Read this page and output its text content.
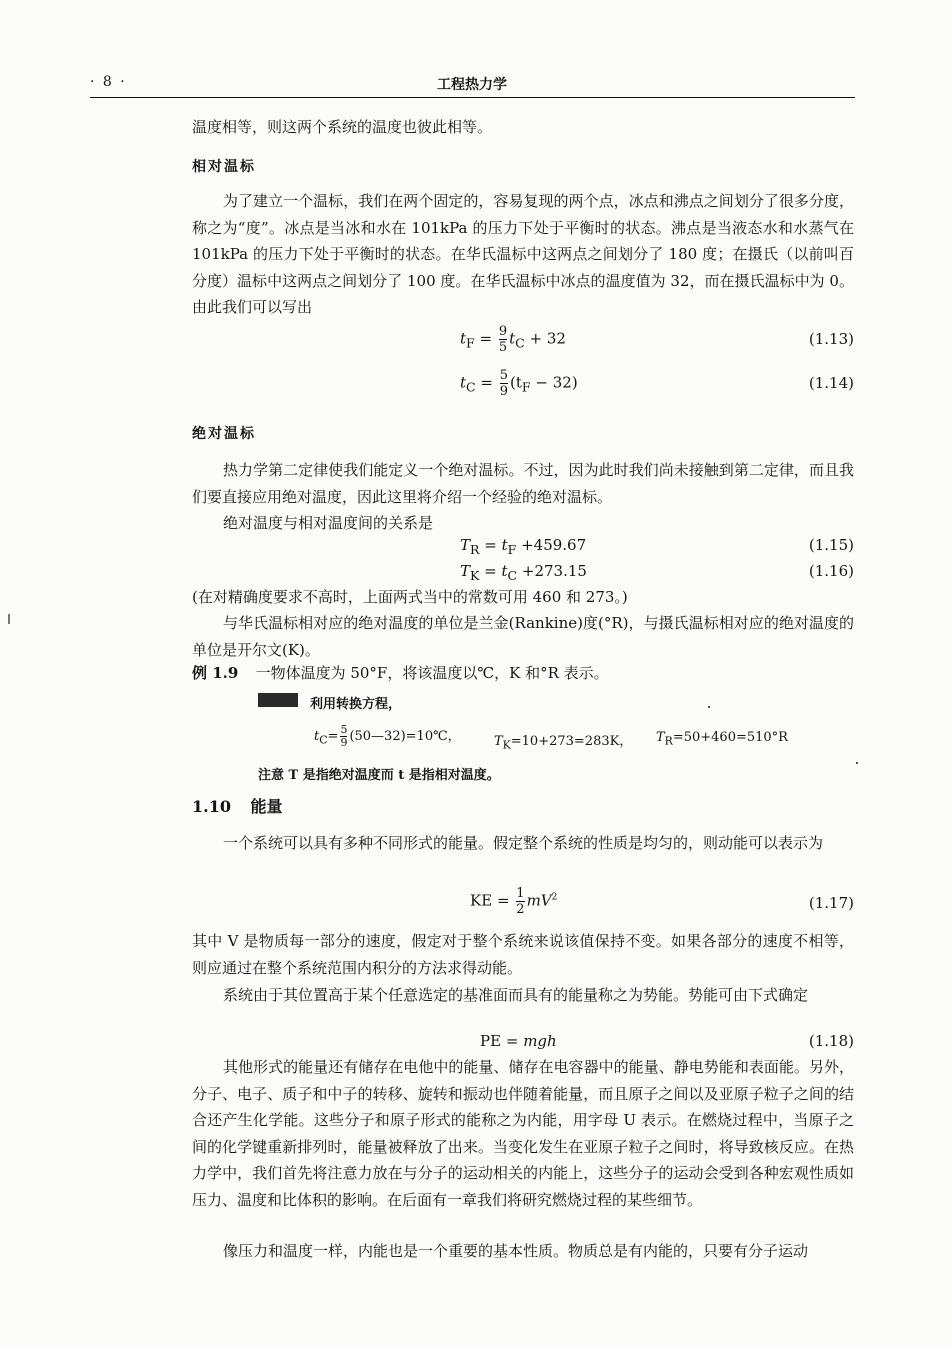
· 8 ·	工程热力学
温度相等，则这两个系统的温度也彼此相等。
相对温标
为了建立一个温标，我们在两个固定的，容易复现的两个点，冰点和沸点之间划分了很多分度，称之为“度”。冰点是当冰和水在 101kPa 的压力下处于平衡时的状态。沸点是当液态水和水蒸气在 101kPa 的压力下处于平衡时的状态。在华氏温标中这两点之间划分了 180 度；在摄氏（以前叫百分度）温标中这两点之间划分了 100 度。在华氏温标中冰点的温度值为 32，而在摄氏温标中为 0。由此我们可以写出
$t_F = \frac{9}{5} t_C + 32$	(1.13)
$t_C = \frac{5}{9} (t_F - 32)$	(1.14)
绝对温标
热力学第二定律使我们能定义一个绝对温标。不过，因为此时我们尚未接触到第二定律，而且我们要直接应用绝对温度，因此这里将介绍一个经验的绝对温标。
绝对温度与相对温度间的关系是
$T_R = t_F +459.67$	(1.15)
$T_K = t_C +273.15$	(1.16)
(在对精确度要求不高时，上面两式当中的常数可用 460 和 273。)
与华氏温标相对应的绝对温度的单位是兰金(Rankine)度(°R)，与摄氏温标相对应的绝对温度的单位是开尔文(K)。
例 1.9 一物体温度为 50°F，将该温度以℃，K 和°R 表示。
利用转换方程，
$t_C= \frac{5}{9}$ (50—32)=10℃，	$T_K=10+273=283K$， $T_R=50+460=510^\circ R$
注意 T 是指绝对温度而 t 是指相对温度。
1.10 能量
一个系统可以具有多种不同形式的能量。假定整个系统的性质是均匀的，则动能可以表示为
KE = $\frac{1}{2} mV^2$	(1.17)
其中 V 是物质每一部分的速度，假定对于整个系统来说该值保持不变。如果各部分的速度不相等，则应通过在整个系统范围内积分的方法求得动能。
系统由于其位置高于某个任意选定的基准面而具有的能量称之为势能。势能可由下式确定
PE = mgh	(1.18)
其他形式的能量还有储存在电他中的能量、储存在电容器中的能量、静电势能和表面能。另外，分子、电子、质子和中子的转移、旋转和振动也伴随着能量，而且原子之间以及亚原子粒子之间的结合还产生化学能。这些分子和原子形式的能称之为内能，用字母 U 表示。在燃烧过程中，当原子之间的化学键重新排列时，能量被释放了出来。当变化发生在亚原子粒子之间时，将导致核反应。在热力学中，我们首先将注意力放在与分子的运动相关的内能上，这些分子的运动会受到各种宏观性质如压力、温度和比体积的影响。在后面有一章我们将研究燃烧过程的某些细节。
像压力和温度一样，内能也是一个重要的基本性质。物质总是有内能的，只要有分子运动
